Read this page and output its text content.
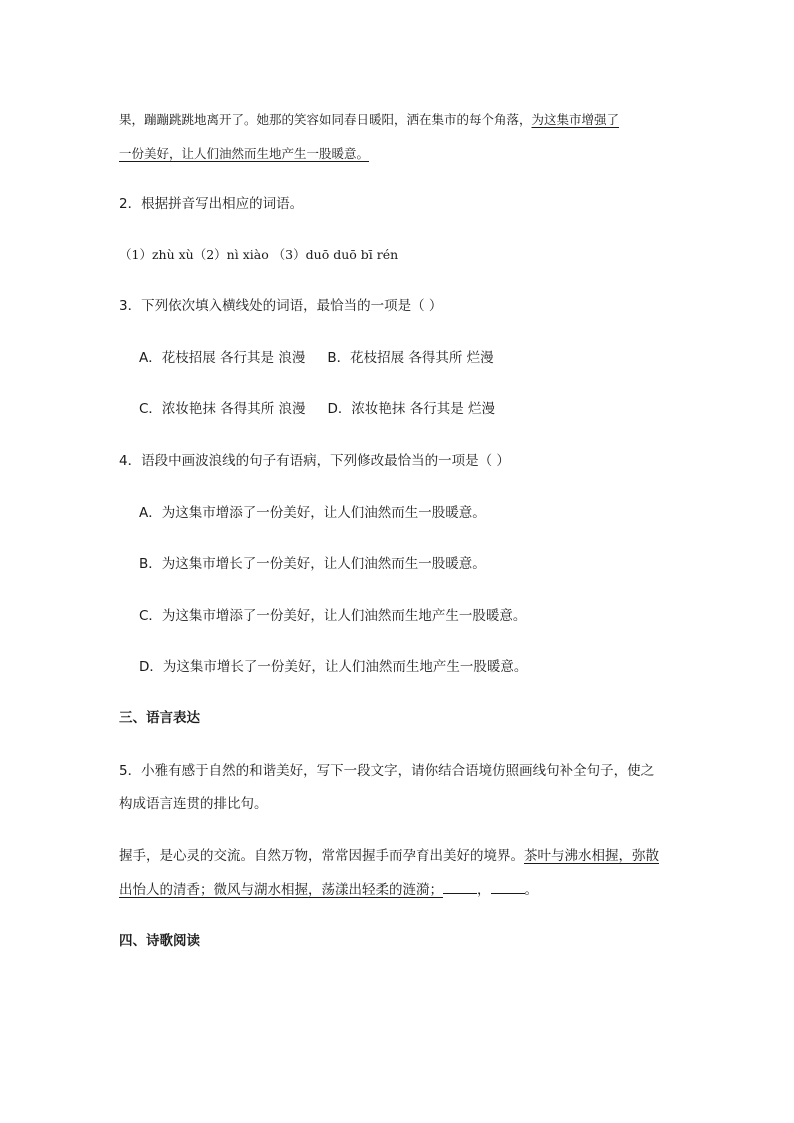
果，蹦蹦跳跳地离开了。她那的笑容如同春日暖阳，洒在集市的每个角落，为这集市增强了
一份美好，让人们油然而生地产生一股暖意。
2．根据拼音写出相应的词语。
（1）zhù xù（2）nì xiào （3）duō duō bī rén
3．下列依次填入横线处的词语，最恰当的一项是（ ）
A．花枝招展 各行其是 浪漫 B．花枝招展 各得其所 烂漫
C．浓妆艳抹 各得其所 浪漫 D．浓妆艳抹 各行其是 烂漫
4．语段中画波浪线的句子有语病，下列修改最恰当的一项是（ ）
A．为这集市增添了一份美好，让人们油然而生一股暖意。
B．为这集市增长了一份美好，让人们油然而生一股暖意。
C．为这集市增添了一份美好，让人们油然而生地产生一股暖意。
D．为这集市增长了一份美好，让人们油然而生地产生一股暖意。
三、语言表达
5．小雅有感于自然的和谐美好，写下一段文字，请你结合语境仿照画线句补全句子，使之
构成语言连贯的排比句。
握手，是心灵的交流。自然万物，常常因握手而孕育出美好的境界。茶叶与沸水相握，弥散
出怡人的清香；微风与湖水相握，荡漾出轻柔的涟漪；	，	。
四、诗歌阅读
